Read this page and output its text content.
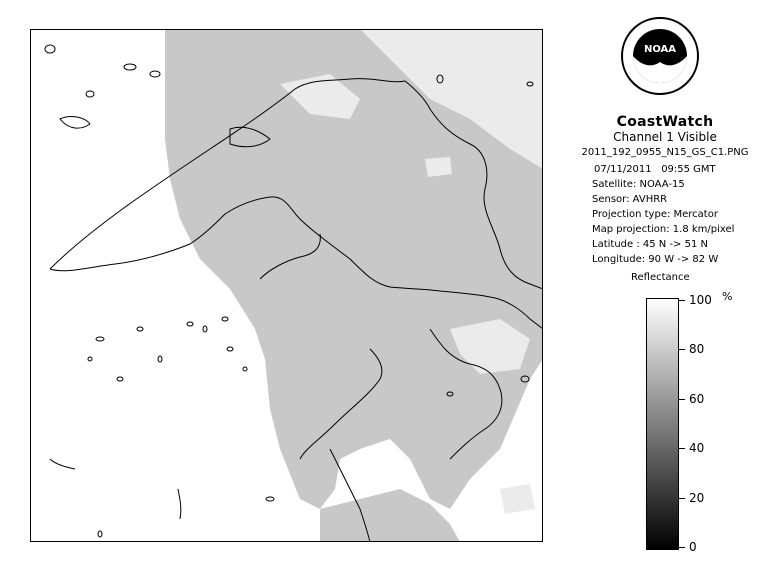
NOAA
CoastWatch
Channel 1 Visible
2011_192_0955_N15_GS_C1.PNG
07/11/2011 09:55 GMT
Satellite: NOAA-15
Sensor: AVHRR
Projection type: Mercator
Map projection: 1.8 km/pixel
Latitude : 45 N -> 51 N
Longitude: 90 W -> 82 W
Reflectance
%
100
80
60
40
20
0
